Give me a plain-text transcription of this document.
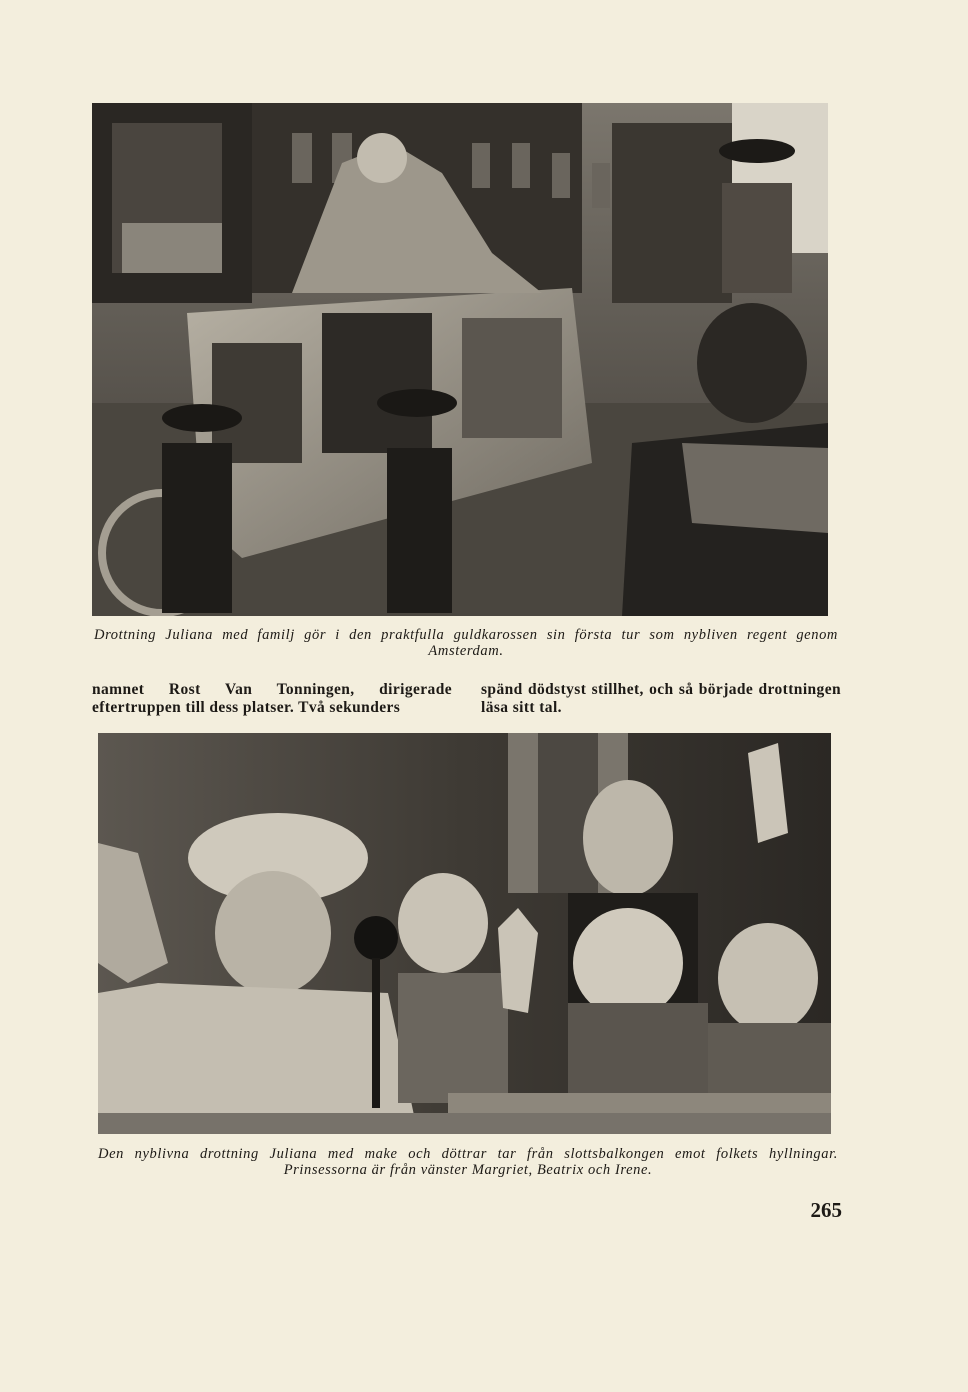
Drottning Juliana med familj gör i den praktfulla guldkarossen sin första tur som nybliven regent genom Amsterdam.
namnet Rost Van Tonningen, dirigerade eftertruppen till dess platser. Två sekunders
spänd dödstyst stillhet, och så började drottningen läsa sitt tal.
Den nyblivna drottning Juliana med make och döttrar tar från slottsbalkongen emot folkets hyllningar. Prinsessorna är från vänster Margriet, Beatrix och Irene.
265
